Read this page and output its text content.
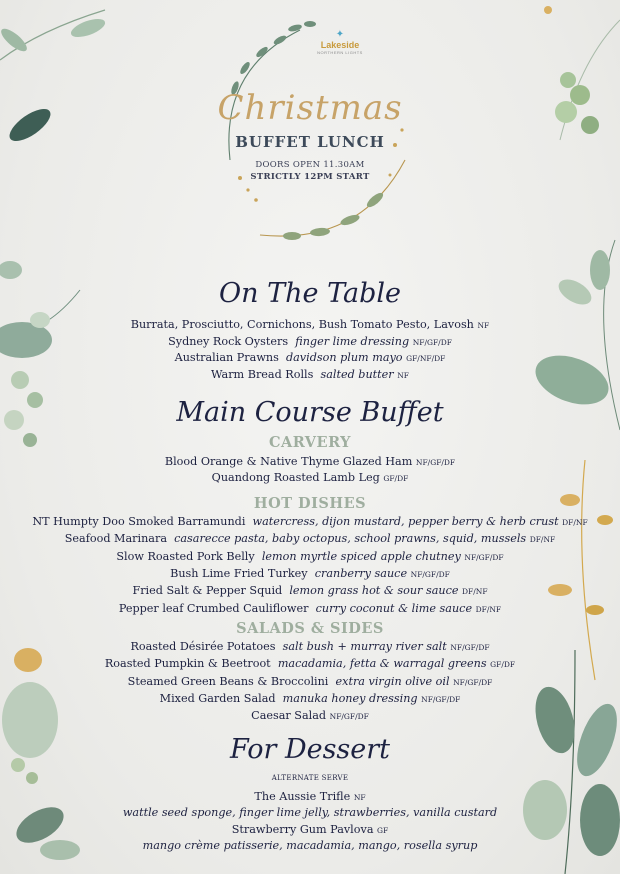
✦
Lakeside
NORTHERN LIGHTS
Christmas
BUFFET LUNCH
DOORS OPEN 11.30AM
STRICTLY 12PM START
On The Table
Burrata, Prosciutto, Cornichons, Bush Tomato Pesto, Lavosh NF
Sydney Rock Oysters finger lime dressing NF/GF/DF
Australian Prawns davidson plum mayo GF/NF/DF
Warm Bread Rolls salted butter NF
Main Course Buffet
CARVERY
Blood Orange & Native Thyme Glazed Ham NF/GF/DF
Quandong Roasted Lamb Leg GF/DF
HOT DISHES
NT Humpty Doo Smoked Barramundi watercress, dijon mustard, pepper berry & herb crust DF/NF
Seafood Marinara casarecce pasta, baby octopus, school prawns, squid, mussels DF/NF
Slow Roasted Pork Belly lemon myrtle spiced apple chutney NF/GF/DF
Bush Lime Fried Turkey cranberry sauce NF/GF/DF
Fried Salt & Pepper Squid lemon grass hot & sour sauce DF/NF
Pepper leaf Crumbed Cauliflower curry coconut & lime sauce DF/NF
SALADS & SIDES
Roasted Désirée Potatoes salt bush + murray river salt NF/GF/DF
Roasted Pumpkin & Beetroot macadamia, fetta & warragal greens GF/DF
Steamed Green Beans & Broccolini extra virgin olive oil NF/GF/DF
Mixed Garden Salad manuka honey dressing NF/GF/DF
Caesar Salad NF/GF/DF
For Dessert
ALTERNATE SERVE
The Aussie Trifle NF
wattle seed sponge, finger lime jelly, strawberries, vanilla custard
Strawberry Gum Pavlova GF
mango crème patisserie, macadamia, mango, rosella syrup
